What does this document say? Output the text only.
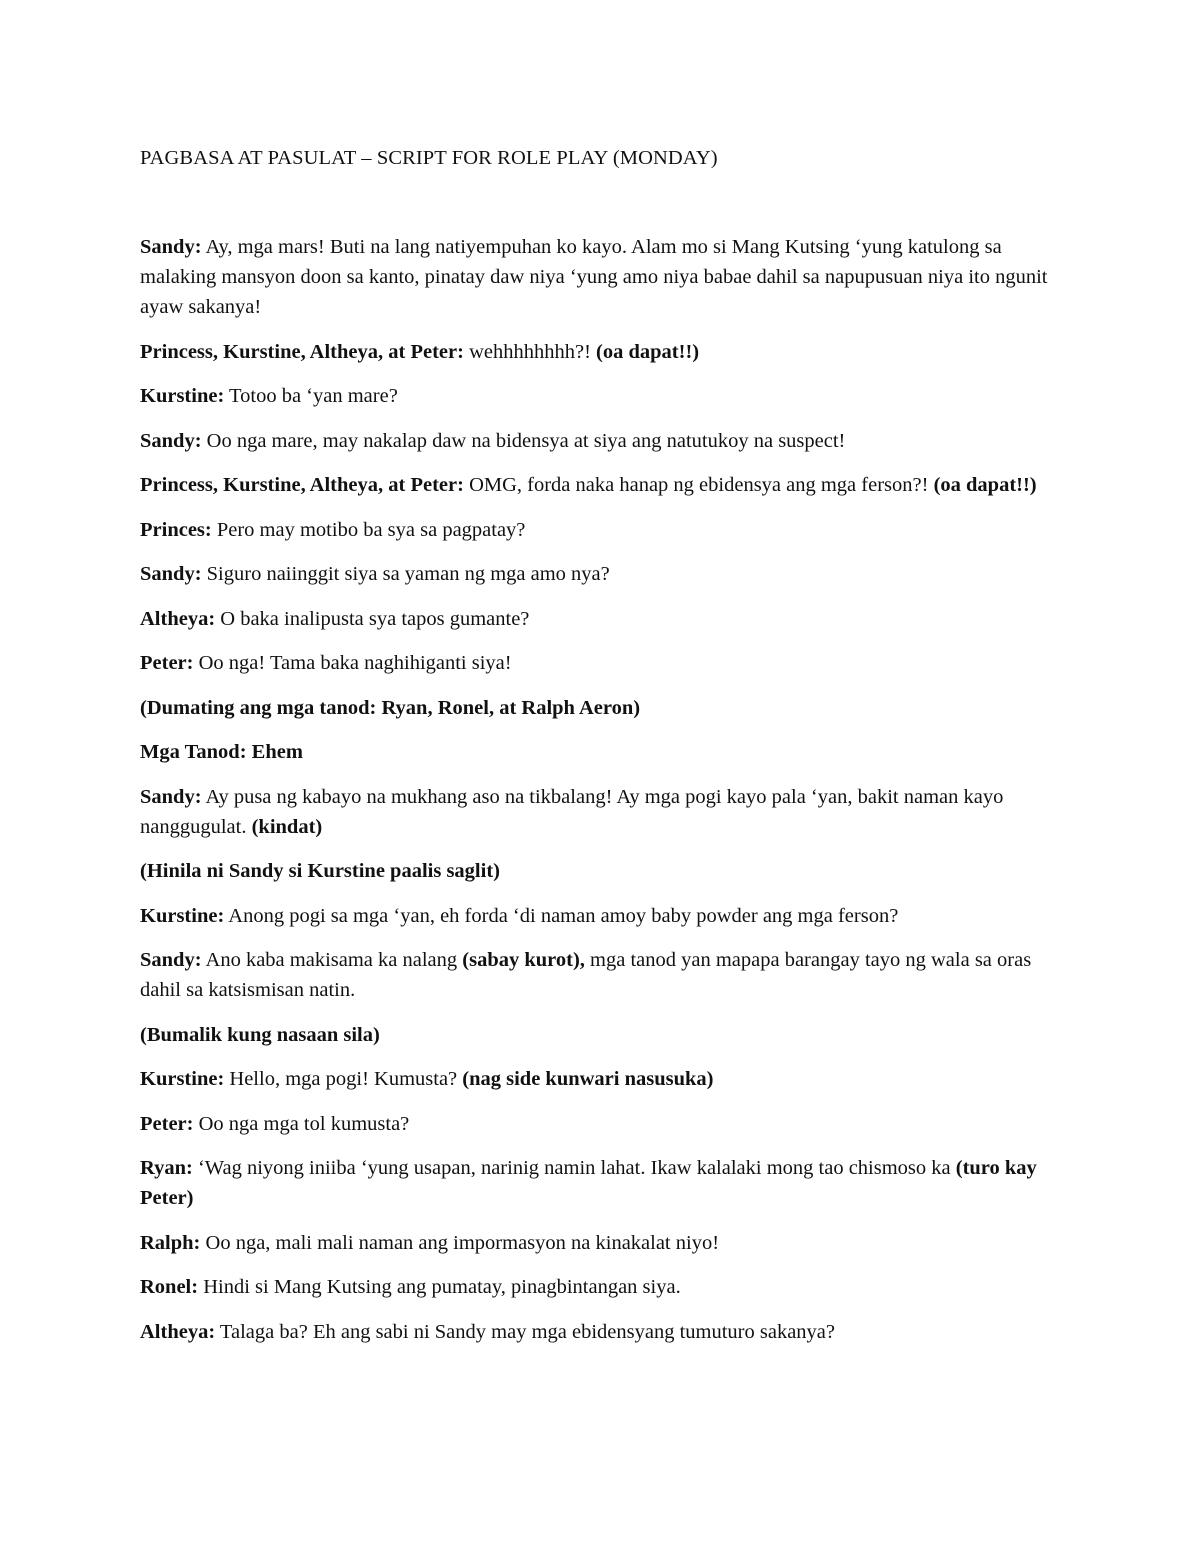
PAGBASA AT PASULAT – SCRIPT FOR ROLE PLAY (MONDAY)

Sandy: Ay, mga mars! Buti na lang natiyempuhan ko kayo. Alam mo si Mang Kutsing ‘yung katulong sa malaking mansyon doon sa kanto, pinatay daw niya ‘yung amo niya babae dahil sa napupusuan niya ito ngunit ayaw sakanya!

Princess, Kurstine, Altheya, at Peter: wehhhhhhhh?! (oa dapat!!)

Kurstine: Totoo ba ‘yan mare?

Sandy: Oo nga mare, may nakalap daw na bidensya at siya ang natutukoy na suspect!

Princess, Kurstine, Altheya, at Peter: OMG, forda naka hanap ng ebidensya ang mga ferson?! (oa dapat!!)

Princes: Pero may motibo ba sya sa pagpatay?

Sandy: Siguro naiinggit siya sa yaman ng mga amo nya?

Altheya: O baka inalipusta sya tapos gumante?

Peter: Oo nga! Tama baka naghihiganti siya!

(Dumating ang mga tanod: Ryan, Ronel, at Ralph Aeron)

Mga Tanod: Ehem

Sandy: Ay pusa ng kabayo na mukhang aso na tikbalang! Ay mga pogi kayo pala ‘yan, bakit naman kayo nanggugulat. (kindat)

(Hinila ni Sandy si Kurstine paalis saglit)

Kurstine: Anong pogi sa mga ‘yan, eh forda ‘di naman amoy baby powder ang mga ferson?

Sandy: Ano kaba makisama ka nalang (sabay kurot), mga tanod yan mapapa barangay tayo ng wala sa oras dahil sa katsismisan natin.

(Bumalik kung nasaan sila)

Kurstine: Hello, mga pogi! Kumusta? (nag side kunwari nasusuka)

Peter: Oo nga mga tol kumusta?

Ryan: ‘Wag niyong iniiba ‘yung usapan, narinig namin lahat. Ikaw kalalaki mong tao chismoso ka (turo kay Peter)

Ralph: Oo nga, mali mali naman ang impormasyon na kinakalat niyo!

Ronel: Hindi si Mang Kutsing ang pumatay, pinagbintangan siya.

Altheya: Talaga ba? Eh ang sabi ni Sandy may mga ebidensyang tumuturo sakanya?
